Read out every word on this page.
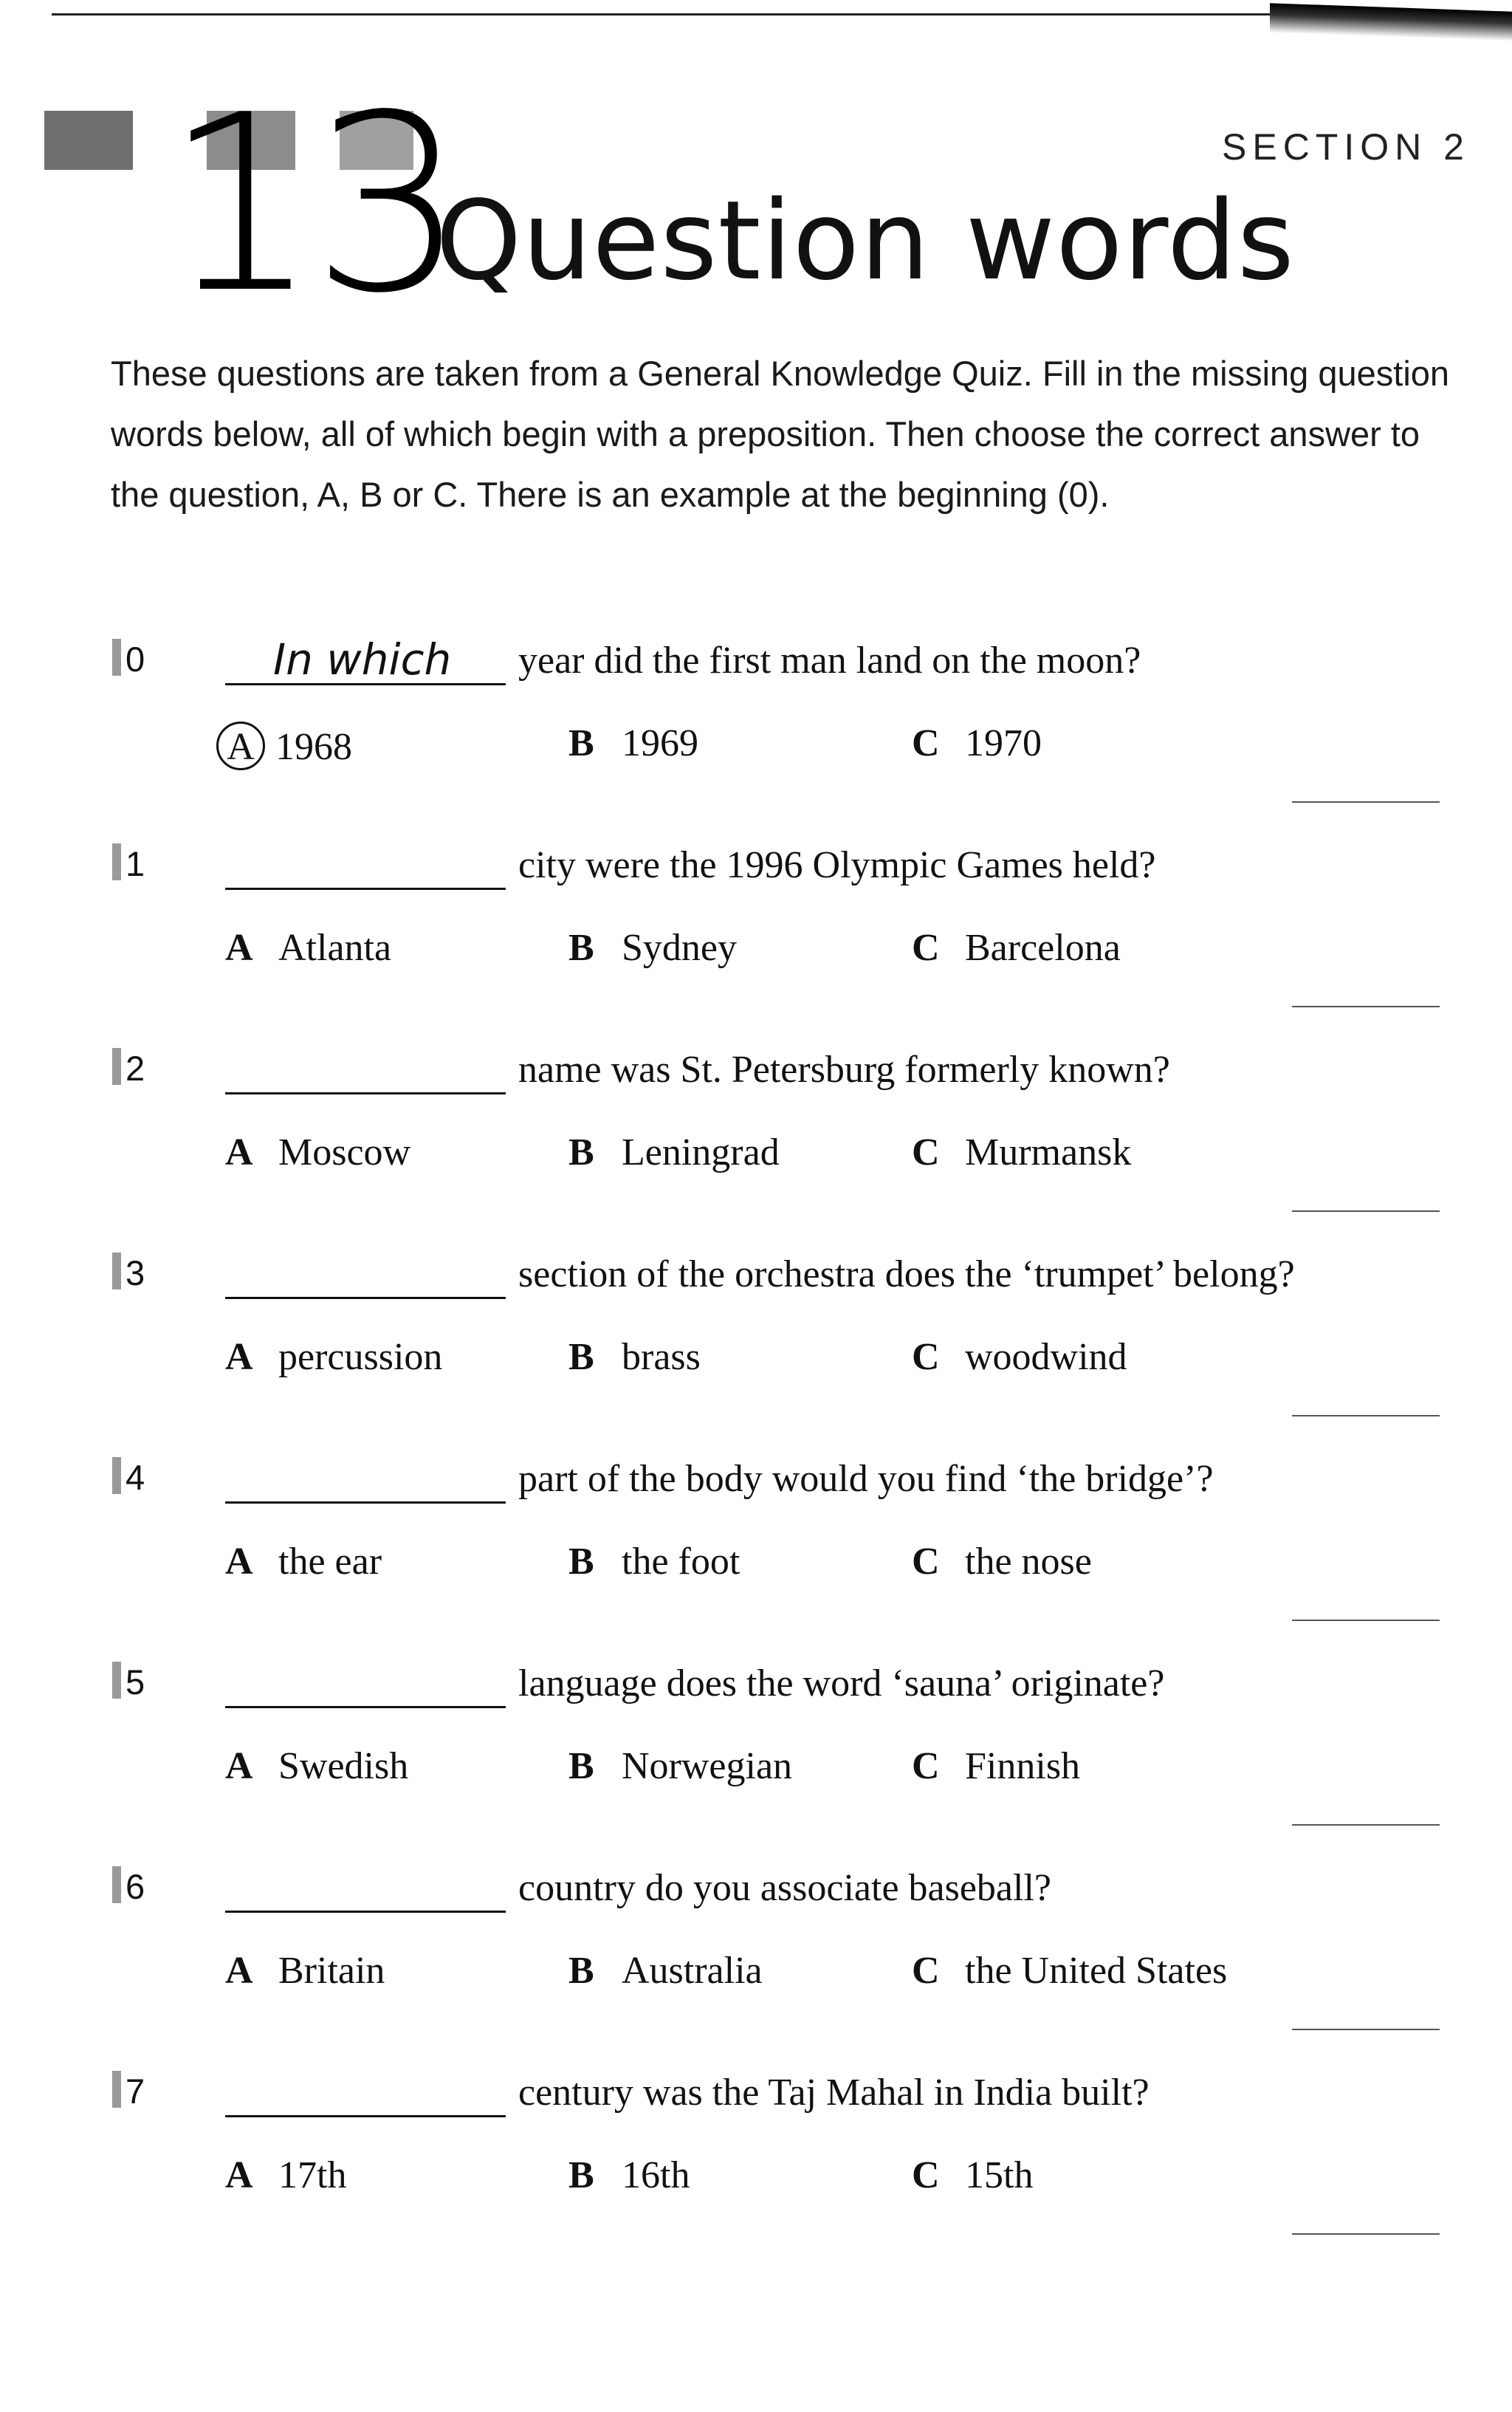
13	SECTION 2
Question words
These questions are taken from a General Knowledge Quiz. Fill in the missing question words below, all of which begin with a preposition. Then choose the correct answer to the question, A, B or C. There is an example at the beginning (0).
0	In which year did the first man land on the moon?
A 1968	B 1969	C 1970
1	city were the 1996 Olympic Games held?
A Atlanta	B Sydney	C Barcelona
2	name was St. Petersburg formerly known?
A Moscow	B Leningrad	C Murmansk
3	section of the orchestra does the ‘trumpet’ belong?
A percussion	B brass	C woodwind
4	part of the body would you find ‘the bridge’?
A the ear	B the foot	C the nose
5	language does the word ‘sauna’ originate?
A Swedish	B Norwegian	C Finnish
6	country do you associate baseball?
A Britain	B Australia	C the United States
7	century was the Taj Mahal in India built?
A 17th	B 16th	C 15th
